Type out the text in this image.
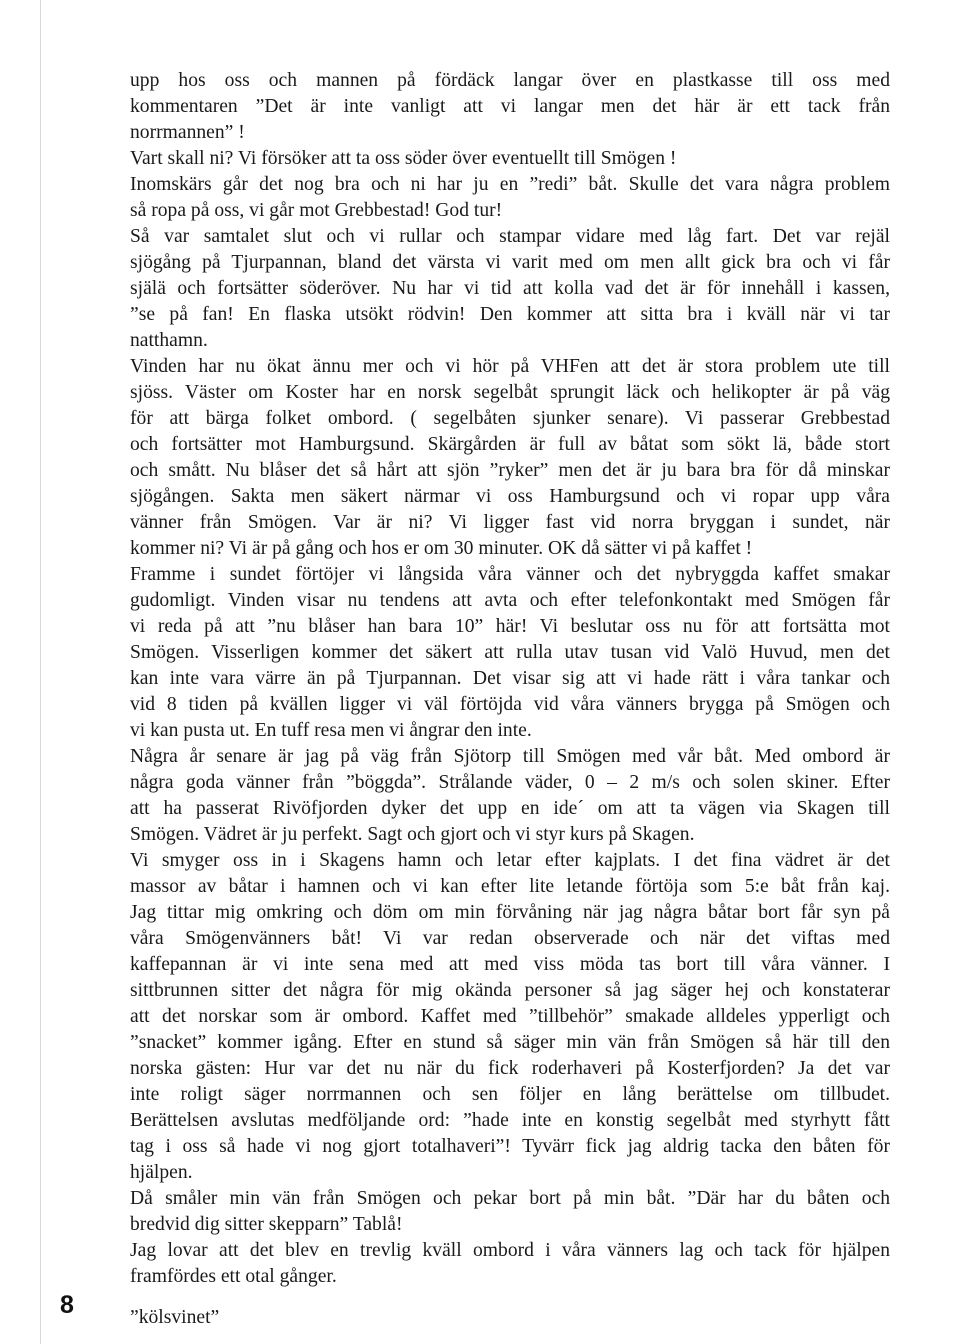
upp hos oss och mannen på fördäck langar över en plastkasse till oss med
kommentaren ”Det är inte vanligt att vi langar men det här är ett tack från
norrmannen” !
Vart skall ni? Vi försöker att ta oss söder över eventuellt till Smögen !
Inomskärs går det nog bra och ni har ju en ”redi” båt. Skulle det vara några problem
så ropa på oss, vi går mot Grebbestad! God tur!
Så var samtalet slut och vi rullar och stampar vidare med låg fart. Det var rejäl
sjögång på Tjurpannan, bland det värsta vi varit med om men allt gick bra och vi får
själä och fortsätter söderöver. Nu har vi tid att kolla vad det är för innehåll i kassen,
”se på fan! En flaska utsökt rödvin! Den kommer att sitta bra i kväll när vi tar
natthamn.
Vinden har nu ökat ännu mer och vi hör på VHFen att det är stora problem ute till
sjöss. Väster om Koster har en norsk segelbåt sprungit läck och helikopter är på väg
för att bärga folket ombord. ( segelbåten sjunker senare). Vi passerar Grebbestad
och fortsätter mot Hamburgsund. Skärgården är full av båtat som sökt lä, både stort
och smått. Nu blåser det så hårt att sjön ”ryker” men det är ju bara bra för då minskar
sjögången. Sakta men säkert närmar vi oss Hamburgsund och vi ropar upp våra
vänner från Smögen. Var är ni? Vi ligger fast vid norra bryggan i sundet, när
kommer ni? Vi är på gång och hos er om 30 minuter. OK då sätter vi på kaffet !
Framme i sundet förtöjer vi långsida våra vänner och det nybryggda kaffet smakar
gudomligt. Vinden visar nu tendens att avta och efter telefonkontakt med Smögen får
vi reda på att ”nu blåser han bara 10” här! Vi beslutar oss nu för att fortsätta mot
Smögen. Visserligen kommer det säkert att rulla utav tusan vid Valö Huvud, men det
kan inte vara värre än på Tjurpannan. Det visar sig att vi hade rätt i våra tankar och
vid 8 tiden på kvällen ligger vi väl förtöjda vid våra vänners brygga på Smögen och
vi kan pusta ut. En tuff resa men vi ångrar den inte.
Några år senare är jag på väg från Sjötorp till Smögen med vår båt. Med ombord är
några goda vänner från ”böggda”. Strålande väder, 0 – 2 m/s och solen skiner. Efter
att ha passerat Rivöfjorden dyker det upp en ide´ om att ta vägen via Skagen till
Smögen. Vädret är ju perfekt. Sagt och gjort och vi styr kurs på Skagen.
Vi smyger oss in i Skagens hamn och letar efter kajplats. I det fina vädret är det
massor av båtar i hamnen och vi kan efter lite letande förtöja som 5:e båt från kaj.
Jag tittar mig omkring och döm om min förvåning när jag några båtar bort får syn på
våra Smögenvänners båt! Vi var redan observerade och när det viftas med
kaffepannan är vi inte sena med att med viss möda tas bort till våra vänner. I
sittbrunnen sitter det några för mig okända personer så jag säger hej och konstaterar
att det norskar som är ombord. Kaffet med ”tillbehör” smakade alldeles ypperligt och
”snacket” kommer igång. Efter en stund så säger min vän från Smögen så här till den
norska gästen: Hur var det nu när du fick roderhaveri på Kosterfjorden? Ja det var
inte roligt säger norrmannen och sen följer en lång berättelse om tillbudet.
Berättelsen avslutas medföljande ord: ”hade inte en konstig segelbåt med styrhytt fått
tag i oss så hade vi nog gjort totalhaveri”! Tyvärr fick jag aldrig tacka den båten för
hjälpen.
Då småler min vän från Smögen och pekar bort på min båt. ”Där har du båten och
bredvid dig sitter skepparn” Tablå!
Jag lovar att det blev en trevlig kväll ombord i våra vänners lag och tack för hjälpen
framfördes ett otal gånger.
8	”kölsvinet”
